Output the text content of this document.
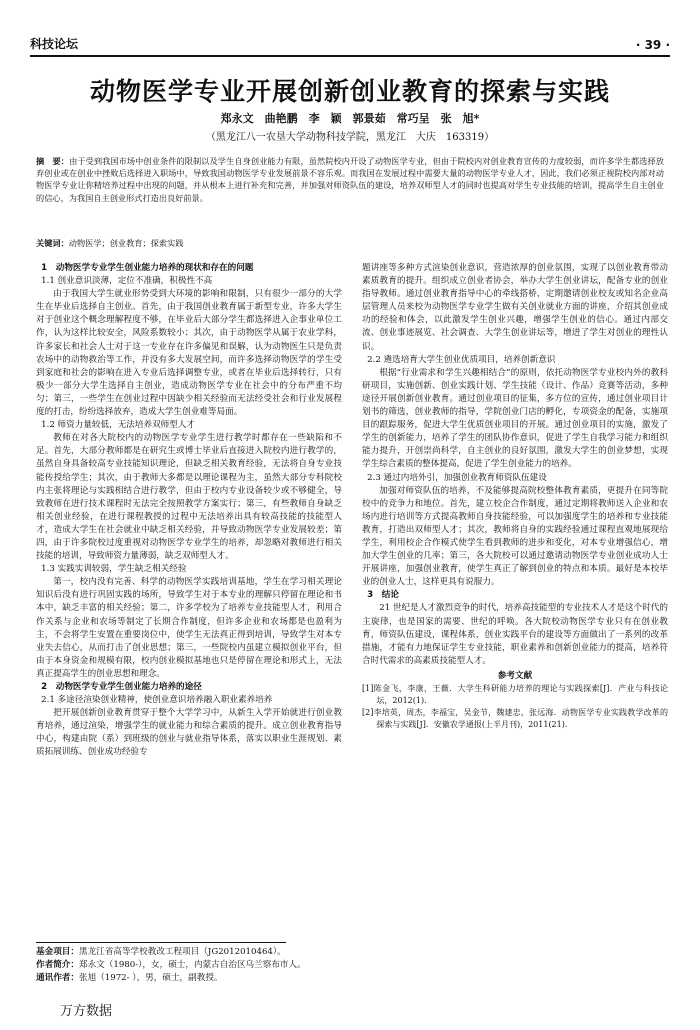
科技论坛	· 39 ·
动物医学专业开展创新创业教育的探索与实践
郑永文　曲艳鹏　李　颖　郭景茹　常巧呈　张　旭*
（黑龙江八一农垦大学动物科技学院，黑龙江　大庆　163319）
摘　要：由于受到我国市场中创业条件的限制以及学生自身创业能力有限，虽然院校内开设了动物医学专业，但由于院校内对创业教育宣传的力度较弱，而许多学生都选择放弃创业或在创业中挫败后选择进入职场中，导致我国动物医学专业发展前景不容乐观。而我国在发展过程中需要大量的动物医学专业人才，因此，我们必须正视院校内部对动物医学专业让你精培养过程中出现的问题，并从根本上进行补充和完善，并加强对师资队伍的建设，培养双师型人才的同时也提高对学生专业技能的培训，提高学生自主创业的信心，为我国自主创业形式打造出良好前景。
关键词：动物医学；创业教育；探索实践
1　动物医学专业学生创业能力培养的现状和存在的问题

1.1 创业意识淡薄，定位不准确，积极性不高

由于我国大学生就业形势受到大环境的影响和限制，只有很少一部分的大学生在毕业后选择自主创业。首先，由于我国创业教育属于新型专业，许多大学生对于创业这个概念理解程度不够，在毕业后大部分学生都选择进入企事业单位工作，认为这样比较安全，风险系数较小；其次，由于动物医学从属于农业学科，许多家长和社会人士对于这一专业存在许多偏见和误解，认为动物医生只是负责农场中的动物救治等工作，并没有多大发展空间，而许多选择动物医学的学生受到家庭和社会的影响在进入专业后选择调整专业，或者在毕业后选择转行，只有极少一部分大学生选择自主创业，造成动物医学专业在社会中的分布严重不均匀；第三，一些学生在创业过程中因缺少相关经验而无法经受社会和行业发展程度的打击，纷纷选择放弃，造成大学生创业难等局面。

1.2 师资力量较低，无法培养双师型人才

教师在对各大院校内的动物医学专业学生进行教学时都存在一些缺陷和不足。首先，大部分教师都是在研究生或博士毕业后直接进入院校内进行教学的，虽然自身具备较高专业技能知识理论，但缺乏相关教育经验，无法将自身专业技能传授给学生；其次，由于教师大多都是以理论课程为主，虽然大部分专科院校内主张将理论与实践相结合进行教学，但由于校内专业设备较少或不够健全，导致教师在进行技术课程时无法完全按照教学方案实行；第三，有些教师自身缺乏相关创业经验，在进行课程教授的过程中无法培养出具有较高技能的技能型人才，造成大学生在社会就业中缺乏相关经验，并导致动物医学专业发展较差；第四，由于许多院校过度重视对动物医学专业学生的培养，却忽略对教师进行相关技能的培训，导致师资力量薄弱，缺乏双师型人才。

1.3 实践实训较弱，学生缺乏相关经验

第一，校内没有完善、科学的动物医学实践培训基地，学生在学习相关理论知识后没有进行巩固实践的场所，导致学生对于本专业的理解只停留在理论和书本中，缺乏丰富的相关经验；第二，许多学校为了培养专业技能型人才，利用合作关系与企业和农场等制定了长期合作制度，但许多企业和农场都是也盈利为主，不会将学生安置在重要岗位中，使学生无法真正得到培训，导致学生对本专业失去信心，从而打击了创业思想；第三，一些院校内虽建立模拟创业平台，但由于本身资金和规模有限，校内创业模拟基地也只是停留在理论和形式上，无法真正提高学生的创业思想和理念。

2　动物医学专业学生创业能力培养的途径

2.1 多途径渲染创业精神，使创业意识培养融入职业素养培养

把开展创新创业教育贯穿于整个大学学习中，从新生入学开始就进行创业教育培养，通过渲染，增强学生的就业能力和综合素质的提升。成立创业教育指导中心，构建由院（系）到班级的创业与就业指导体系，落实以职业生涯规划、素质拓展训练、创业成功经验专

题讲座等多种方式渲染创业意识，营造浓厚的创业氛围，实现了以创业教育带动素质教育的提升。组织成立创业者协会，举办大学生创业讲坛，配备专业的创业指导教师。通过创业教育指导中心的牵线搭桥，定期邀请创业校友或知名企业高层管理人员来校为动物医学专业学生做有关创业就业方面的讲座，介绍其创业成功的经验和体会，以此激发学生创业兴趣，增强学生创业的信心。通过内部交流、创业事迹展览、社会调查、大学生创业讲坛等，增进了学生对创业的理性认识。

2.2 遴选培育大学生创业优质项目，培养创新意识

根据“行业需求和学生兴趣相结合”的原则，依托动物医学专业校内外的教科研项目，实施创新、创业实践计划、学生技能（设计、作品）竞赛等活动，多种途径开展创新创业教育。通过创业项目的征集，多方位的宣传，通过创业项目计划书的筛选，创业教师的指导，学院创业门店的孵化，专项资金的配备，实施项目的跟踪服务，促进大学生优质创业项目的开展。通过创业项目的实施，激发了学生的创新能力，培养了学生的团队协作意识，促进了学生自我学习能力和组织能力提升，开创崇尚科学，自主创业的良好氛围，激发大学生的创业梦想，实现学生综合素质的整体提高，促进了学生创业能力的培养。

2.3 通过内培外引，加强创业教育师资队伍建设

加强对师资队伍的培养，不及能够提高院校整体教育素质，更提升在同等院校中的竞争力和地位。首先，建立校企合作制度，通过定期将教师送入企业和农场内进行培训等方式提高教师自身技能经验，可以加强度学生的培养和专业技能教育，打造出双师型人才；其次，教师将自身的实践经验通过课程直观地展现给学生，利用校企合作模式使学生看到教师的进步和变化，对本专业增强信心，增加大学生创业的几率；第三，各大院校可以通过邀请动物医学专业创业成功人士开展讲座，加强创业教育，使学生真正了解到创业的特点和本质。最好是本校毕业的创业人士，这样更具有说服力。

3　结论

21 世纪是人才激烈竞争的时代，培养高技能型的专业技术人才是这个时代的主旋律，也是国家的需要、世纪的呼唤。各大院校动物医学专业只有在创业教育，师资队伍建设，课程体系，创业实践平台的建设等方面做出了一系列的改革措施，才能有力地保证学生专业技能，职业素养和创新创业能力的提高，培养符合时代需求的高素质技能型人才。

参考文献
[1]陈金飞，李康，王薇．大学生科研能力培养的理论与实践探索[J]．产业与科技论坛，2012(1).
[2]李培英，周杰，李福宝，吴金节，魏建忠，张远海．动物医学专业实践教学改革的探索与实践[J]．安徽农学通报(上半月刊)，2011(21).
基金项目：黑龙江省高等学校教改工程项目（JG2012010464）。
作者简介：郑永文（1980-），女，硕士，内蒙古自治区乌兰察布市人。
通讯作者：张旭（1972- ），男，硕士，副教授。
万方数据
